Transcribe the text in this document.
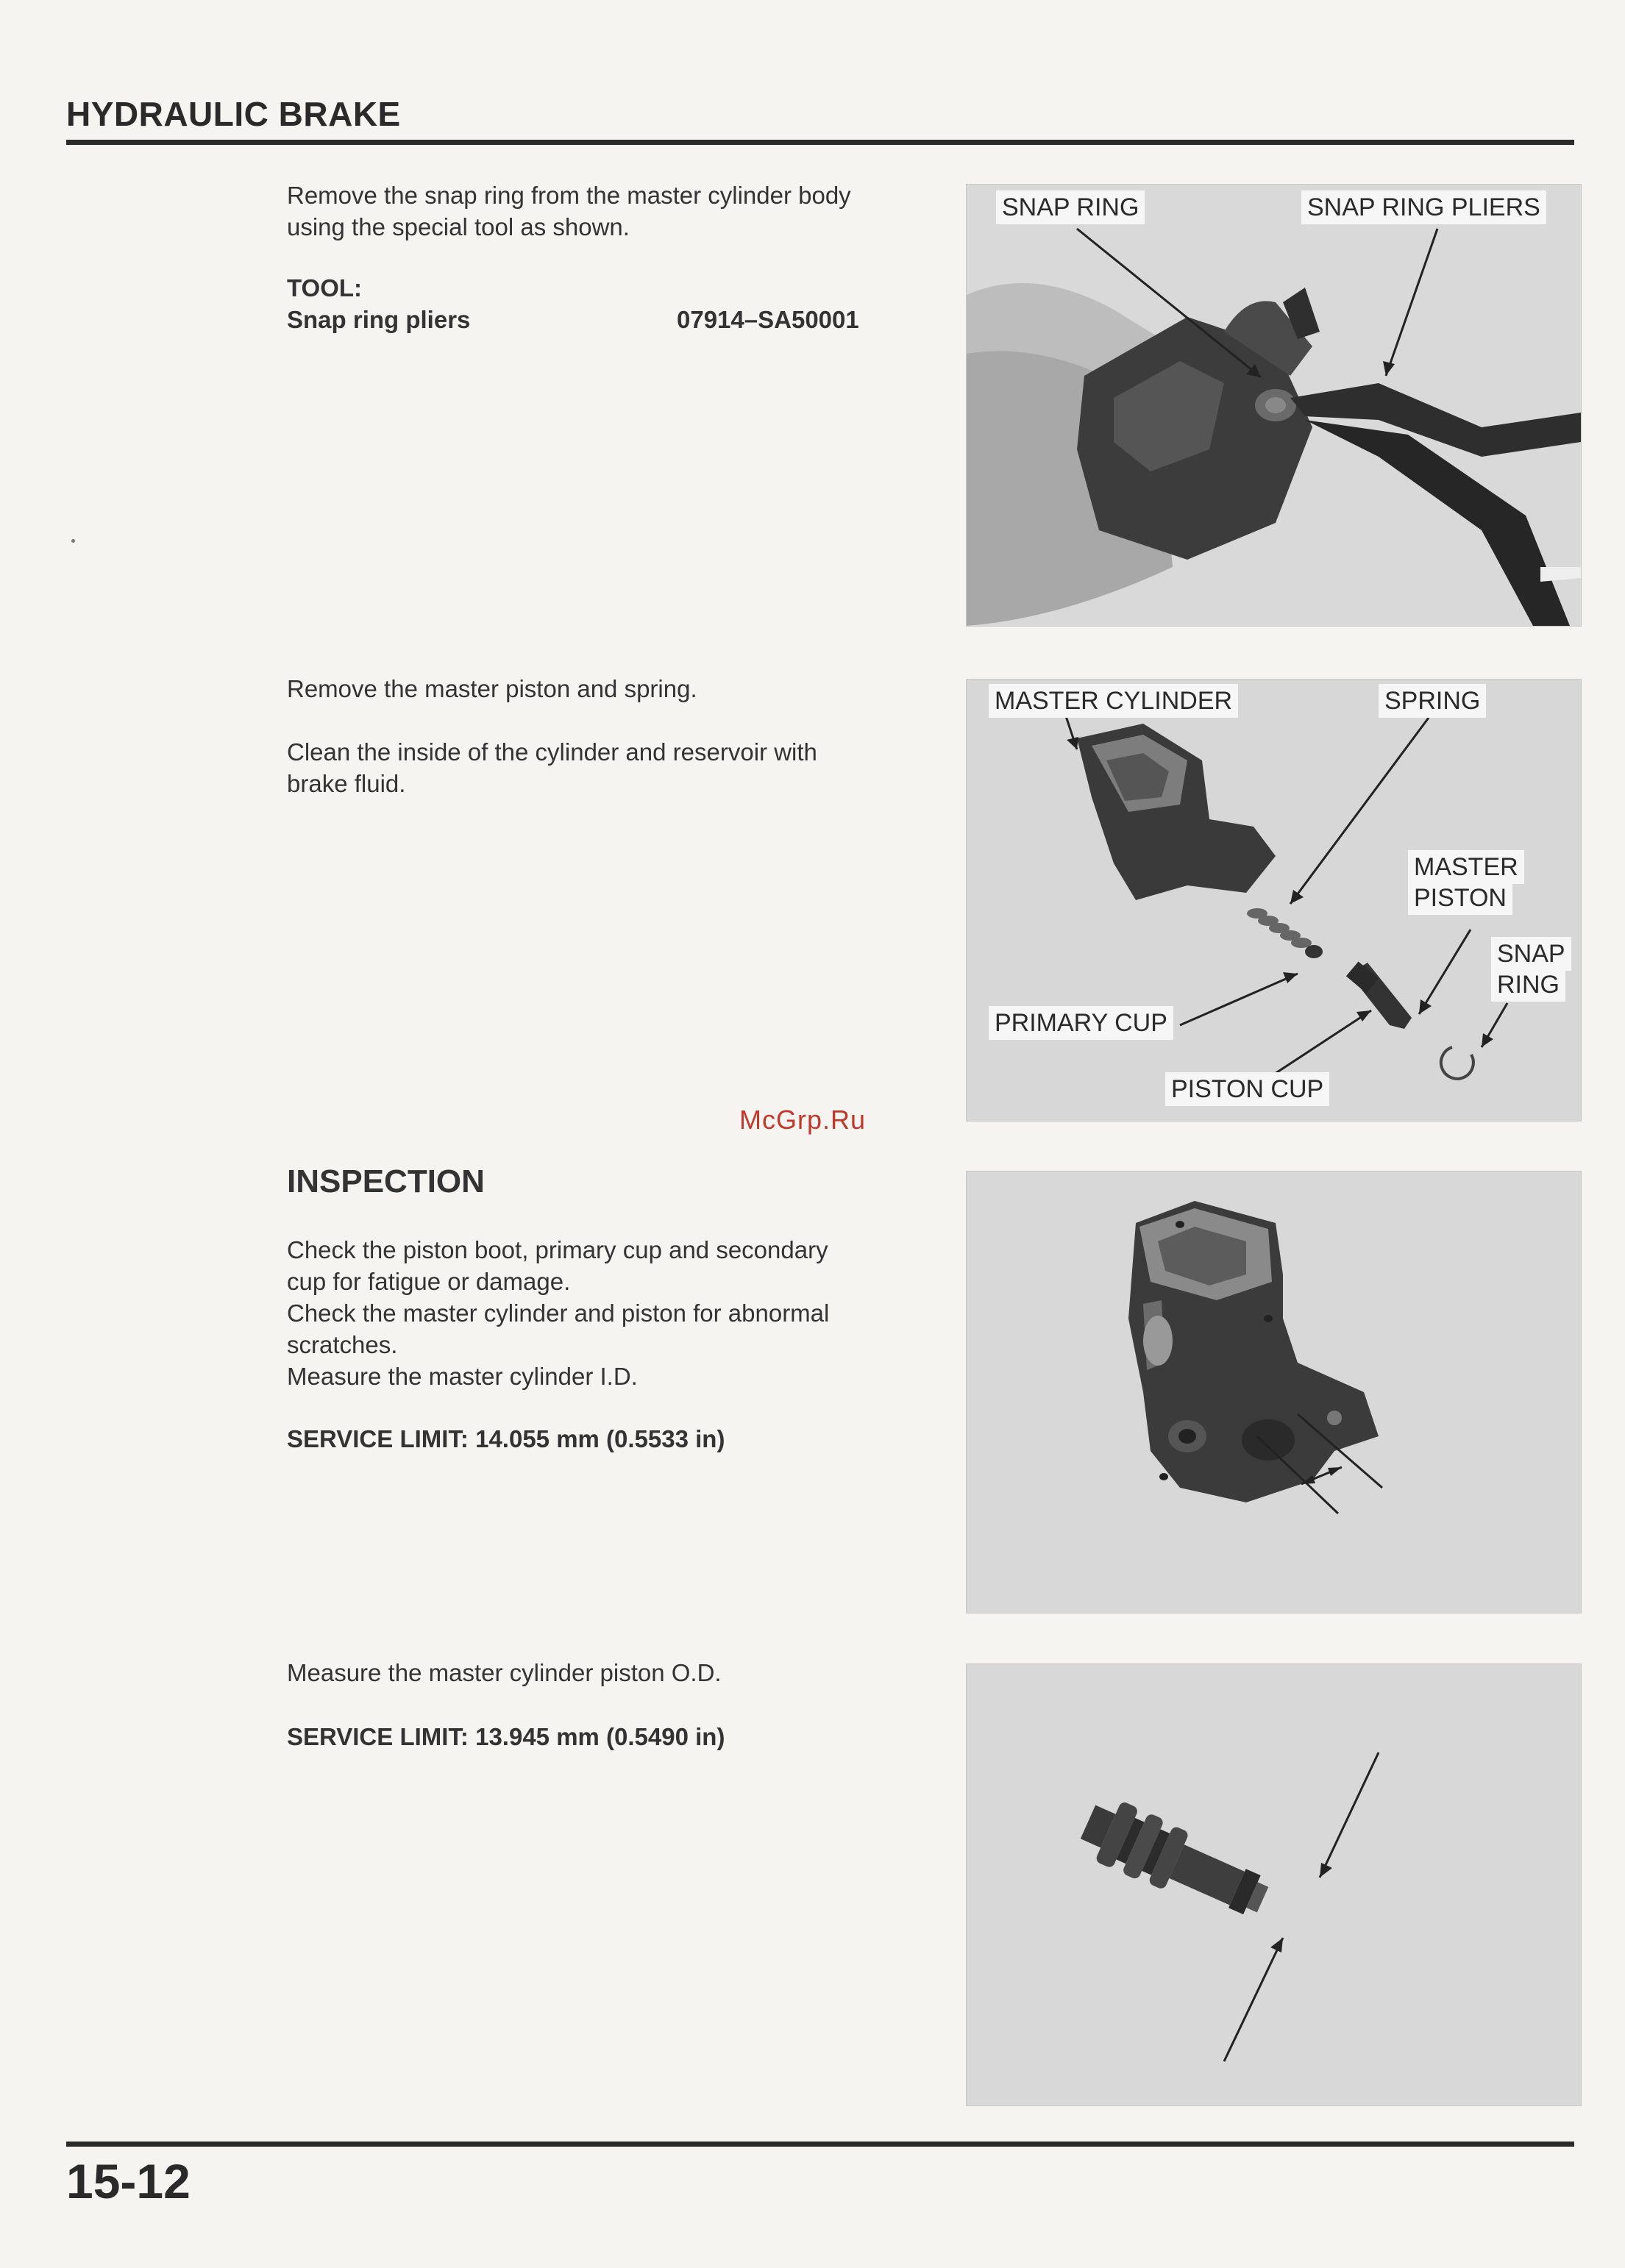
HYDRAULIC BRAKE
Remove the snap ring from the master cylinder body
using the special tool as shown.
TOOL:
Snap ring pliers	07914–SA50001
SNAP RING	SNAP RING PLIERS
Remove the master piston and spring.
Clean the inside of the cylinder and reservoir with
brake fluid.
MASTER CYLINDER	SPRING
MASTER
PISTON
SNAP
RING
PRIMARY CUP
PISTON CUP
McGrp.Ru
INSPECTION
Check the piston boot, primary cup and secondary
cup for fatigue or damage.
Check the master cylinder and piston for abnormal
scratches.
Measure the master cylinder I.D.
SERVICE LIMIT: 14.055 mm (0.5533 in)
Measure the master cylinder piston O.D.
SERVICE LIMIT: 13.945 mm (0.5490 in)
15-12
